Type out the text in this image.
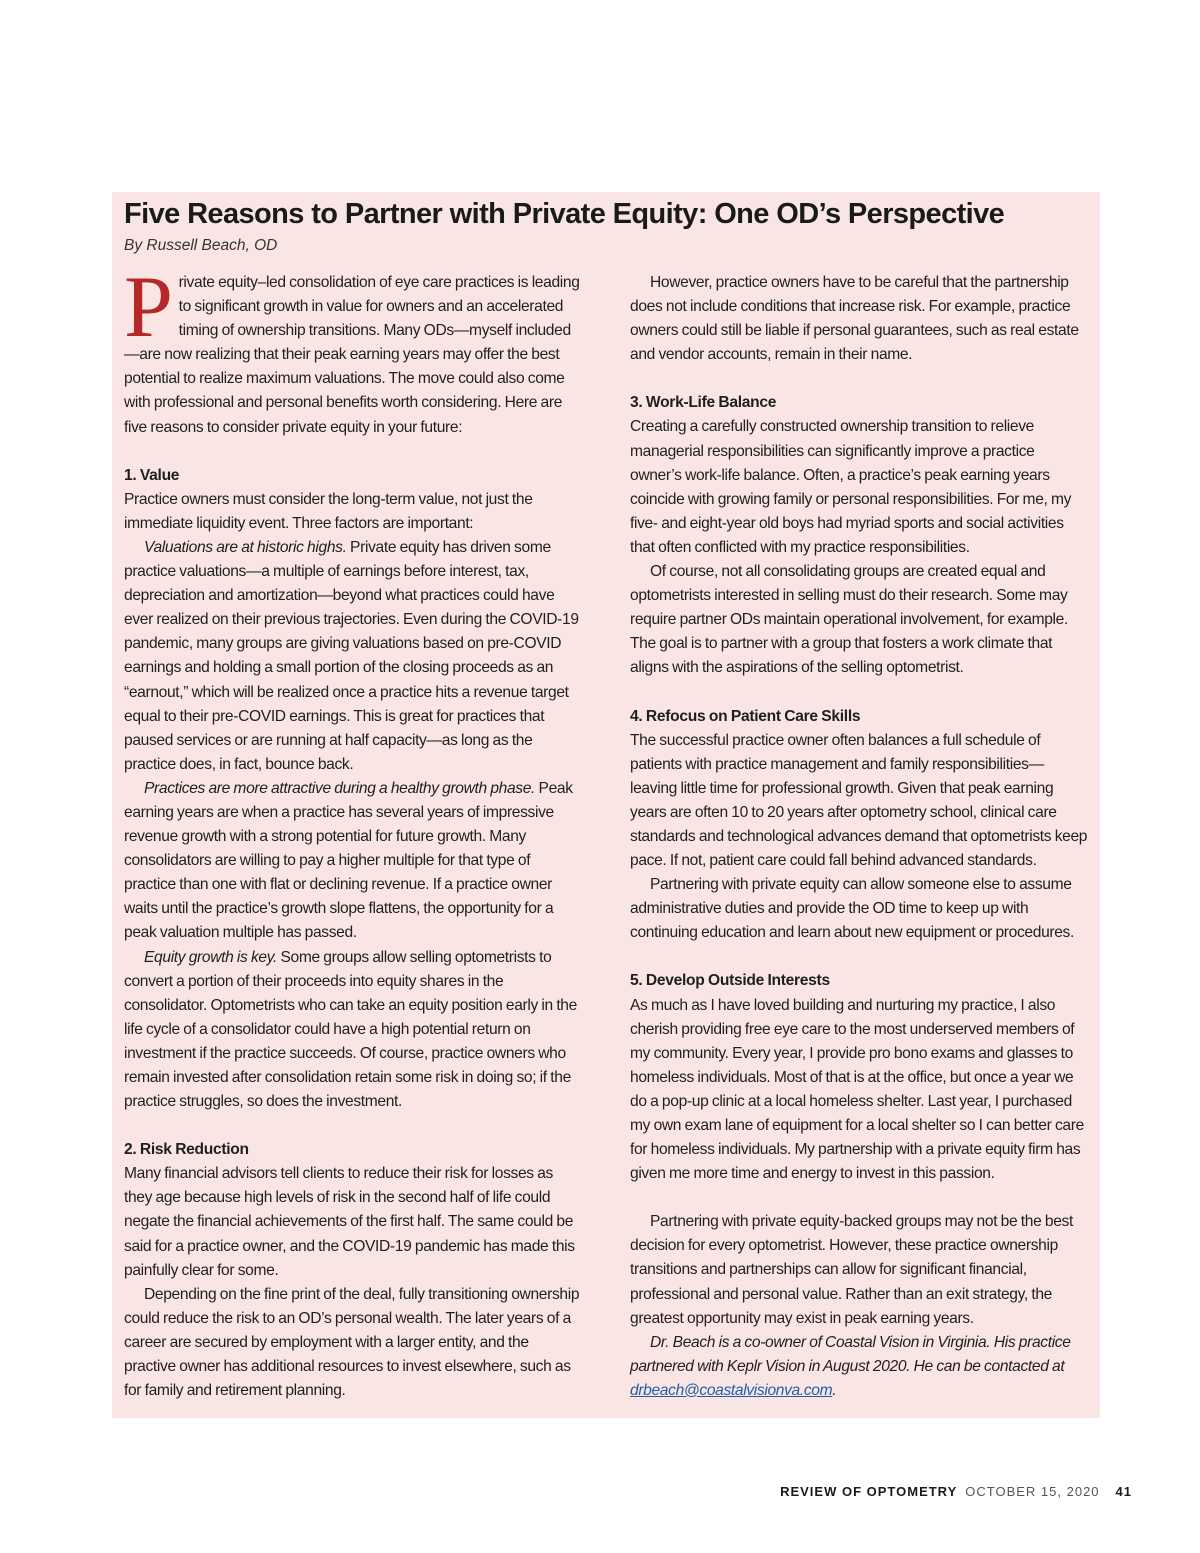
Five Reasons to Partner with Private Equity: One OD’s Perspective

By Russell Beach, OD

Private equity–led consolidation of eye care practices is leading to significant growth in value for owners and an accelerated timing of ownership transitions. Many ODs—myself included—are now realizing that their peak earning years may offer the best potential to realize maximum valuations. The move could also come with professional and personal benefits worth considering. Here are five reasons to consider private equity in your future:

1. Value

Practice owners must consider the long-term value, not just the immediate liquidity event. Three factors are important:

Valuations are at historic highs. Private equity has driven some practice valuations—a multiple of earnings before interest, tax, depreciation and amortization—beyond what practices could have ever realized on their previous trajectories. Even during the COVID-19 pandemic, many groups are giving valuations based on pre-COVID earnings and holding a small portion of the closing proceeds as an “earnout,” which will be realized once a practice hits a revenue target equal to their pre-COVID earnings. This is great for practices that paused services or are running at half capacity—as long as the practice does, in fact, bounce back.

Practices are more attractive during a healthy growth phase. Peak earning years are when a practice has several years of impressive revenue growth with a strong potential for future growth. Many consolidators are willing to pay a higher multiple for that type of practice than one with flat or declining revenue. If a practice owner waits until the practice’s growth slope flattens, the opportunity for a peak valuation multiple has passed.

Equity growth is key. Some groups allow selling optometrists to convert a portion of their proceeds into equity shares in the consolidator. Optometrists who can take an equity position early in the life cycle of a consolidator could have a high potential return on investment if the practice succeeds. Of course, practice owners who remain invested after consolidation retain some risk in doing so; if the practice struggles, so does the investment.

2. Risk Reduction

Many financial advisors tell clients to reduce their risk for losses as they age because high levels of risk in the second half of life could negate the financial achievements of the first half. The same could be said for a practice owner, and the COVID-19 pandemic has made this painfully clear for some.

Depending on the fine print of the deal, fully transitioning ownership could reduce the risk to an OD’s personal wealth. The later years of a career are secured by employment with a larger entity, and the practive owner has additional resources to invest elsewhere, such as for family and retirement planning.

However, practice owners have to be careful that the partnership does not include conditions that increase risk. For example, practice owners could still be liable if personal guarantees, such as real estate and vendor accounts, remain in their name.

3. Work-Life Balance

Creating a carefully constructed ownership transition to relieve managerial responsibilities can significantly improve a practice owner’s work-life balance. Often, a practice’s peak earning years coincide with growing family or personal responsibilities. For me, my five- and eight-year old boys had myriad sports and social activities that often conflicted with my practice responsibilities.

Of course, not all consolidating groups are created equal and optometrists interested in selling must do their research. Some may require partner ODs maintain operational involvement, for example. The goal is to partner with a group that fosters a work climate that aligns with the aspirations of the selling optometrist.

4. Refocus on Patient Care Skills

The successful practice owner often balances a full schedule of patients with practice management and family responsibilities—leaving little time for professional growth. Given that peak earning years are often 10 to 20 years after optometry school, clinical care standards and technological advances demand that optometrists keep pace. If not, patient care could fall behind advanced standards.

Partnering with private equity can allow someone else to assume administrative duties and provide the OD time to keep up with continuing education and learn about new equipment or procedures.

5. Develop Outside Interests

As much as I have loved building and nurturing my practice, I also cherish providing free eye care to the most underserved members of my community. Every year, I provide pro bono exams and glasses to homeless individuals. Most of that is at the office, but once a year we do a pop-up clinic at a local homeless shelter. Last year, I purchased my own exam lane of equipment for a local shelter so I can better care for homeless individuals. My partnership with a private equity firm has given me more time and energy to invest in this passion.

Partnering with private equity-backed groups may not be the best decision for every optometrist. However, these practice ownership transitions and partnerships can allow for significant financial, professional and personal value. Rather than an exit strategy, the greatest opportunity may exist in peak earning years.

Dr. Beach is a co-owner of Coastal Vision in Virginia. His practice partnered with Keplr Vision in August 2020. He can be contacted at drbeach@coastalvisionva.com.

REVIEW OF OPTOMETRY OCTOBER 15, 2020 41
